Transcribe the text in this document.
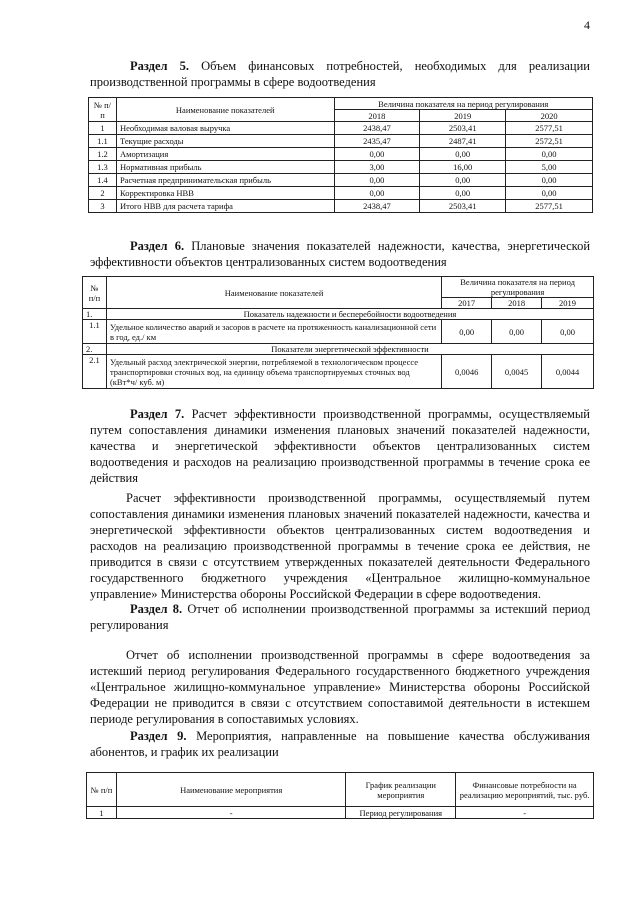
4
Раздел 5. Объем финансовых потребностей, необходимых для реализации производственной программы в сфере водоотведения
№ п/п	Наименование показателей	Величина показателя на период регулирования		
		2018	2019	2020
1	Необходимая валовая выручка	2438,47	2503,41	2577,51
1.1	Текущие расходы	2435,47	2487,41	2572,51
1.2	Амортизация	0,00	0,00	0,00
1.3	Нормативная прибыль	3,00	16,00	5,00
1.4	Расчетная предпринимательская прибыль	0,00	0,00	0,00
2	Корректировка НВВ	0,00	0,00	0,00
3	Итого НВВ для расчета тарифа	2438,47	2503,41	2577,51
Раздел 6. Плановые значения показателей надежности, качества, энергетической эффективности объектов централизованных систем водоотведения
№ п/п	Наименование показателей	Величина показателя на период регулирования		
		2017	2018	2019
1.	Показатель надежности и бесперебойности водоотведения			
1.1	Удельное количество аварий и засоров в расчете на протяженность канализационной сети в год, ед./ км	0,00	0,00	0,00
2.	Показатели энергетической эффективности			
2.1	Удельный расход электрической энергии, потребляемой в технологическом процессе транспортировки сточных вод, на единицу объема транспортируемых сточных вод (кВт*ч/ куб. м)	0,0046	0,0045	0,0044
Раздел 7. Расчет эффективности производственной программы, осуществляемый путем сопоставления динамики изменения плановых значений показателей надежности, качества и энергетической эффективности объектов централизованных систем водоотведения и расходов на реализацию производственной программы в течение срока ее действия
Расчет эффективности производственной программы, осуществляемый путем сопоставления динамики изменения плановых значений показателей надежности, качества и энергетической эффективности объектов централизованных систем водоотведения и расходов на реализацию производственной программы в течение срока ее действия, не приводится в связи с отсутствием утвержденных показателей деятельности Федерального государственного бюджетного учреждения «Центральное жилищно-коммунальное управление» Министерства обороны Российской Федерации в сфере водоотведения.
Раздел 8. Отчет об исполнении производственной программы за истекший период регулирования
Отчет об исполнении производственной программы в сфере водоотведения за истекший период регулирования Федерального государственного бюджетного учреждения «Центральное жилищно-коммунальное управление» Министерства обороны Российской Федерации не приводится в связи с отсутствием сопоставимой деятельности в истекшем периоде регулирования в сопоставимых условиях.
Раздел 9. Мероприятия, направленные на повышение качества обслуживания абонентов, и график их реализации
№ п/п	Наименование мероприятия	График реализации мероприятия	Финансовые потребности на реализацию мероприятий, тыс. руб.
1	-	Период регулирования	-
